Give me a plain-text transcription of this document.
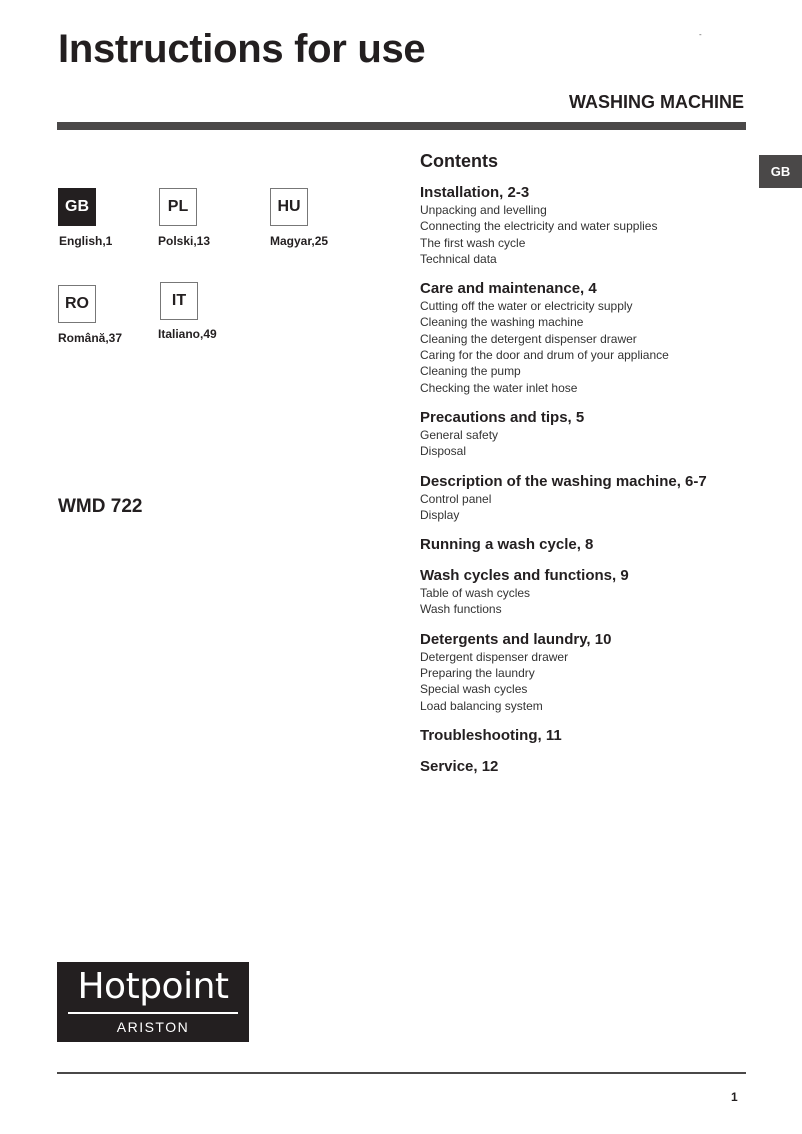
Instructions for use	-
WASHING MACHINE
GB
GB
English,1
PL
Polski,13
HU
Magyar,25
RO
Română,37
IT
Italiano,49
WMD 722
Contents
Installation, 2-3
Unpacking and levelling
Connecting the electricity and water supplies
The first wash cycle
Technical data
Care and maintenance, 4
Cutting off the water or electricity supply
Cleaning the washing machine
Cleaning the detergent dispenser drawer
Caring for the door and drum of your appliance
Cleaning the pump
Checking the water inlet hose
Precautions and tips, 5
General safety
Disposal
Description of the washing machine, 6-7
Control panel
Display
Running a wash cycle, 8
Wash cycles and functions, 9
Table of wash cycles
Wash functions
Detergents and laundry, 10
Detergent dispenser drawer
Preparing the laundry
Special wash cycles
Load balancing system
Troubleshooting, 11
Service, 12
Hotpoint
ARISTON
1
